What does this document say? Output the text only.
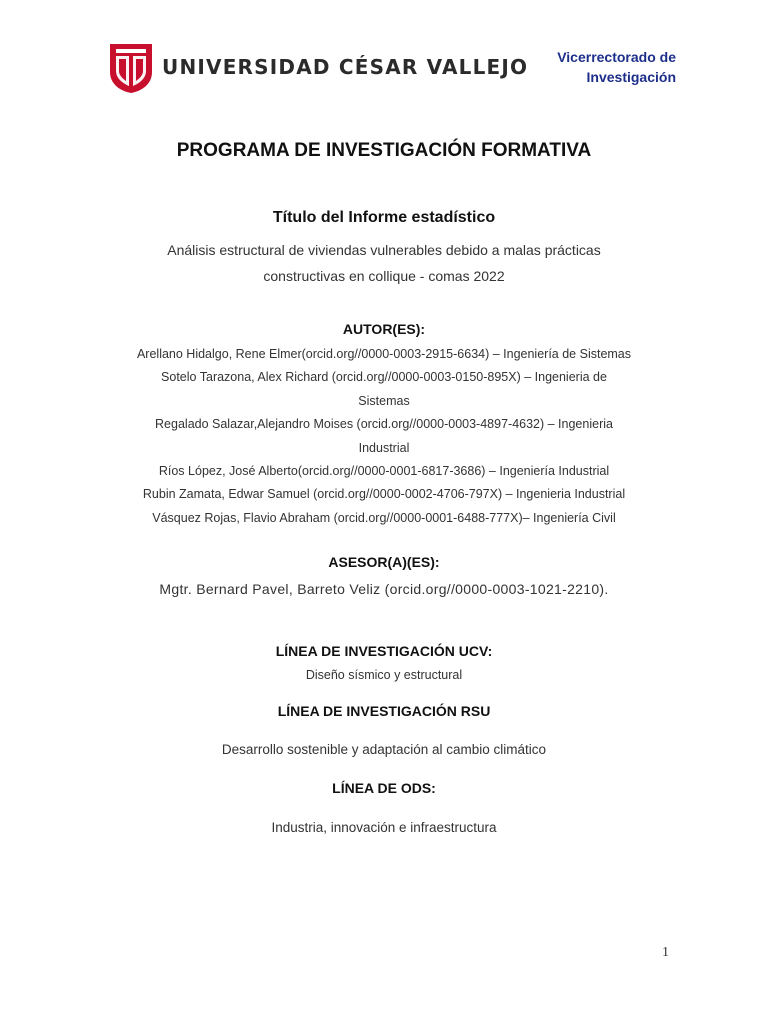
UNIVERSIDAD CÉSAR VALLEJO Vicerrectorado de
Investigación
PROGRAMA DE INVESTIGACIÓN FORMATIVA
Título del Informe estadístico
Análisis estructural de viviendas vulnerables debido a malas prácticas
constructivas en collique - comas 2022
AUTOR(ES):
Arellano Hidalgo, Rene Elmer(orcid.org//0000-0003-2915-6634) – Ingeniería de Sistemas
Sotelo Tarazona, Alex Richard (orcid.org//0000-0003-0150-895X) – Ingenieria de
Sistemas
Regalado Salazar,Alejandro Moises (orcid.org//0000-0003-4897-4632) – Ingenieria
Industrial
Ríos López, José Alberto(orcid.org//0000-0001-6817-3686) – Ingeniería Industrial
Rubin Zamata, Edwar Samuel (orcid.org//0000-0002-4706-797X) – Ingenieria Industrial
Vásquez Rojas, Flavio Abraham (orcid.org//0000-0001-6488-777X)– Ingeniería Civil
ASESOR(A)(ES):
Mgtr. Bernard Pavel, Barreto Veliz (orcid.org//0000-0003-1021-2210).
LÍNEA DE INVESTIGACIÓN UCV:
Diseño sísmico y estructural
LÍNEA DE INVESTIGACIÓN RSU
Desarrollo sostenible y adaptación al cambio climático
LÍNEA DE ODS:
Industria, innovación e infraestructura
1
